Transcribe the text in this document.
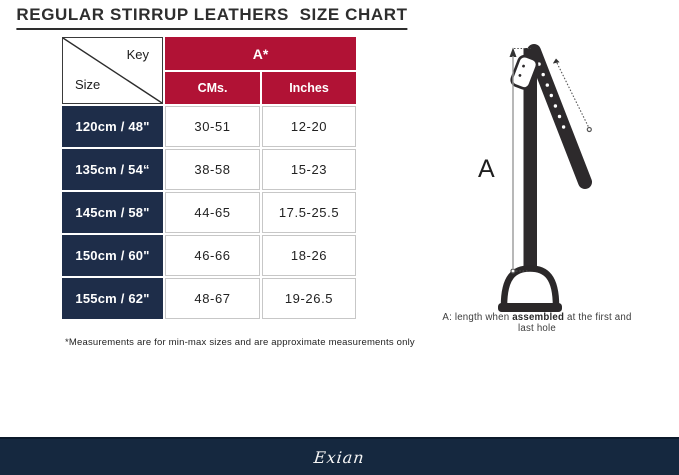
REGULAR STIRRUP LEATHERS  SIZE CHART
Key
Size
A*
CMs.	Inches
120cm / 48"	30-51	12-20
135cm / 54“	38-58	15-23
145cm / 58"	44-65	17.5-25.5
150cm / 60"	46-66	18-26
155cm / 62"	48-67	19-26.5
*Measurements are for min-max sizes and are approximate measurements only
A
A: length when assembled at the first and last hole
Exian
